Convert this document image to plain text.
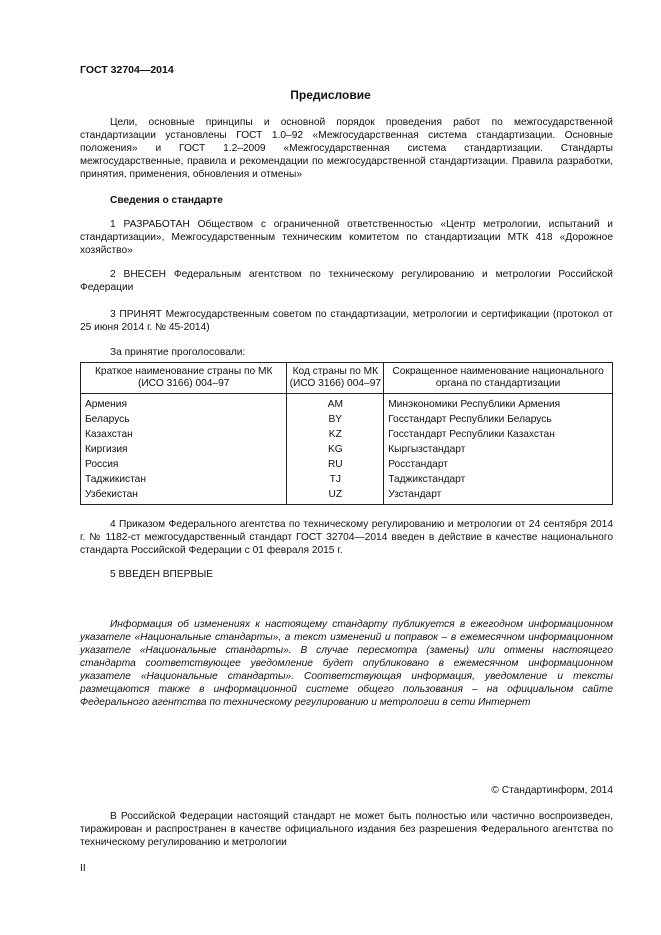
ГОСТ 32704—2014
Предисловие
Цели, основные принципы и основной порядок проведения работ по межгосударственной стандартизации установлены ГОСТ 1.0–92 «Межгосударственная система стандартизации. Основные положения» и ГОСТ 1.2–2009 «Межгосударственная система стандартизации. Стандарты межгосударственные, правила и рекомендации по межгосударственной стандартизации. Правила разработки, принятия, применения, обновления и отмены»
Сведения о стандарте
1 РАЗРАБОТАН Обществом с ограниченной ответственностью «Центр метрологии, испытаний и стандартизации», Межгосударственным техническим комитетом по стандартизации МТК 418 «Дорожное хозяйство»
2 ВНЕСЕН Федеральным агентством по техническому регулированию и метрологии Российской Федерации
3 ПРИНЯТ Межгосударственным советом по стандартизации, метрологии и сертификации (протокол от 25 июня 2014 г. № 45-2014)
За принятие проголосовали:
Краткое наименование страны по МК (ИСО 3166) 004–97	Код страны по МК (ИСО 3166) 004–97	Сокращенное наименование национального органа по стандартизации
Армения	AM	Минэкономики Республики Армения
Беларусь	BY	Госстандарт Республики Беларусь
Казахстан	KZ	Госстандарт Республики Казахстан
Киргизия	KG	Кыргызстандарт
Россия	RU	Росстандарт
Таджикистан	TJ	Таджикстандарт
Узбекистан	UZ	Узстандарт
4 Приказом Федерального агентства по техническому регулированию и метрологии от 24 сентября 2014 г. № 1182-ст межгосударственный стандарт ГОСТ 32704—2014 введен в действие в качестве национального стандарта Российской Федерации с 01 февраля 2015 г.
5 ВВЕДЕН ВПЕРВЫЕ
Информация об изменениях к настоящему стандарту публикуется в ежегодном информационном указателе «Национальные стандарты», а текст изменений и поправок – в ежемесячном информационном указателе «Национальные стандарты». В случае пересмотра (замены) или отмены настоящего стандарта соответствующее уведомление будет опубликовано в ежемесячном информационном указателе «Национальные стандарты». Соответствующая информация, уведомление и тексты размещаются также в информационной системе общего пользования – на официальном сайте Федерального агентства по техническому регулированию и метрологии в сети Интернет
© Стандартинформ, 2014
В Российской Федерации настоящий стандарт не может быть полностью или частично воспроизведен, тиражирован и распространен в качестве официального издания без разрешения Федерального агентства по техническому регулированию и метрологии
II
